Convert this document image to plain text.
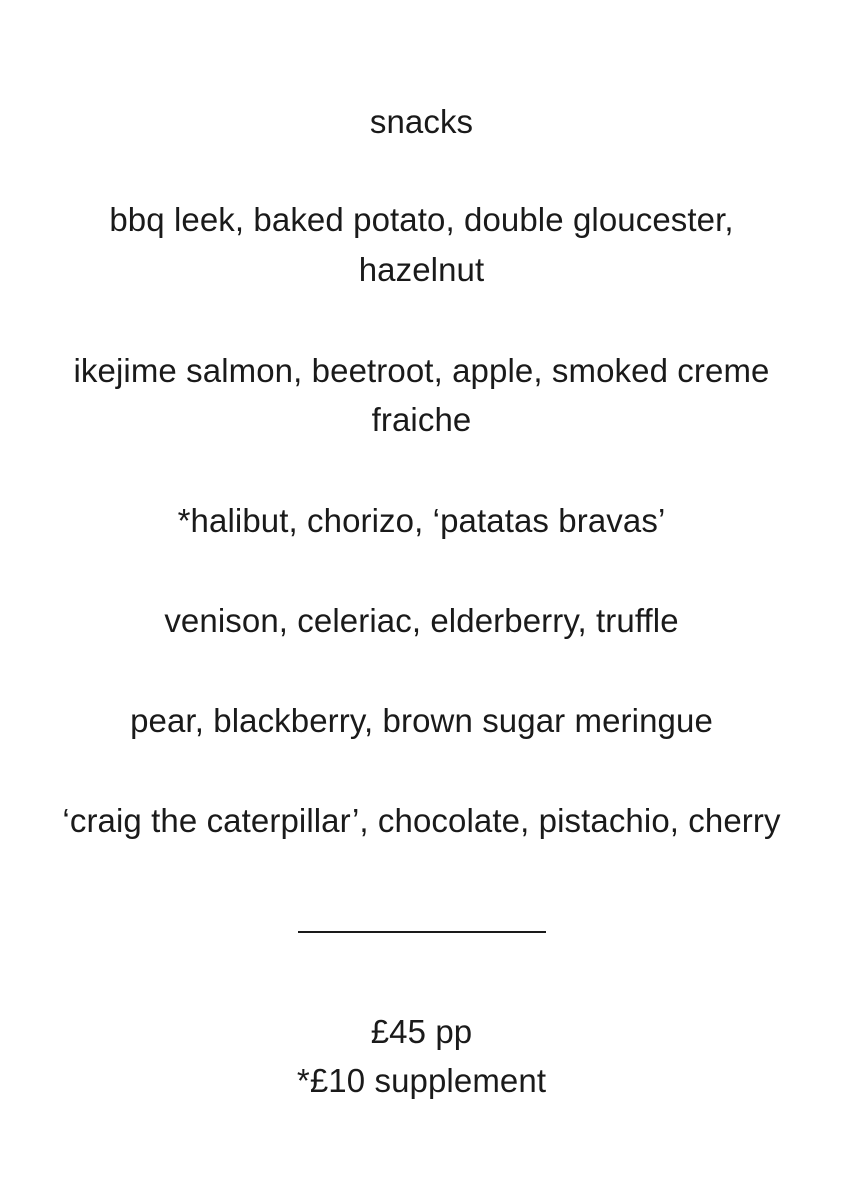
snacks
bbq leek, baked potato, double gloucester,
hazelnut
ikejime salmon, beetroot, apple, smoked creme
fraiche
*halibut, chorizo, ‘patatas bravas’
venison, celeriac, elderberry, truffle
pear, blackberry, brown sugar meringue
‘craig the caterpillar’, chocolate, pistachio, cherry
£45 pp
*£10 supplement
